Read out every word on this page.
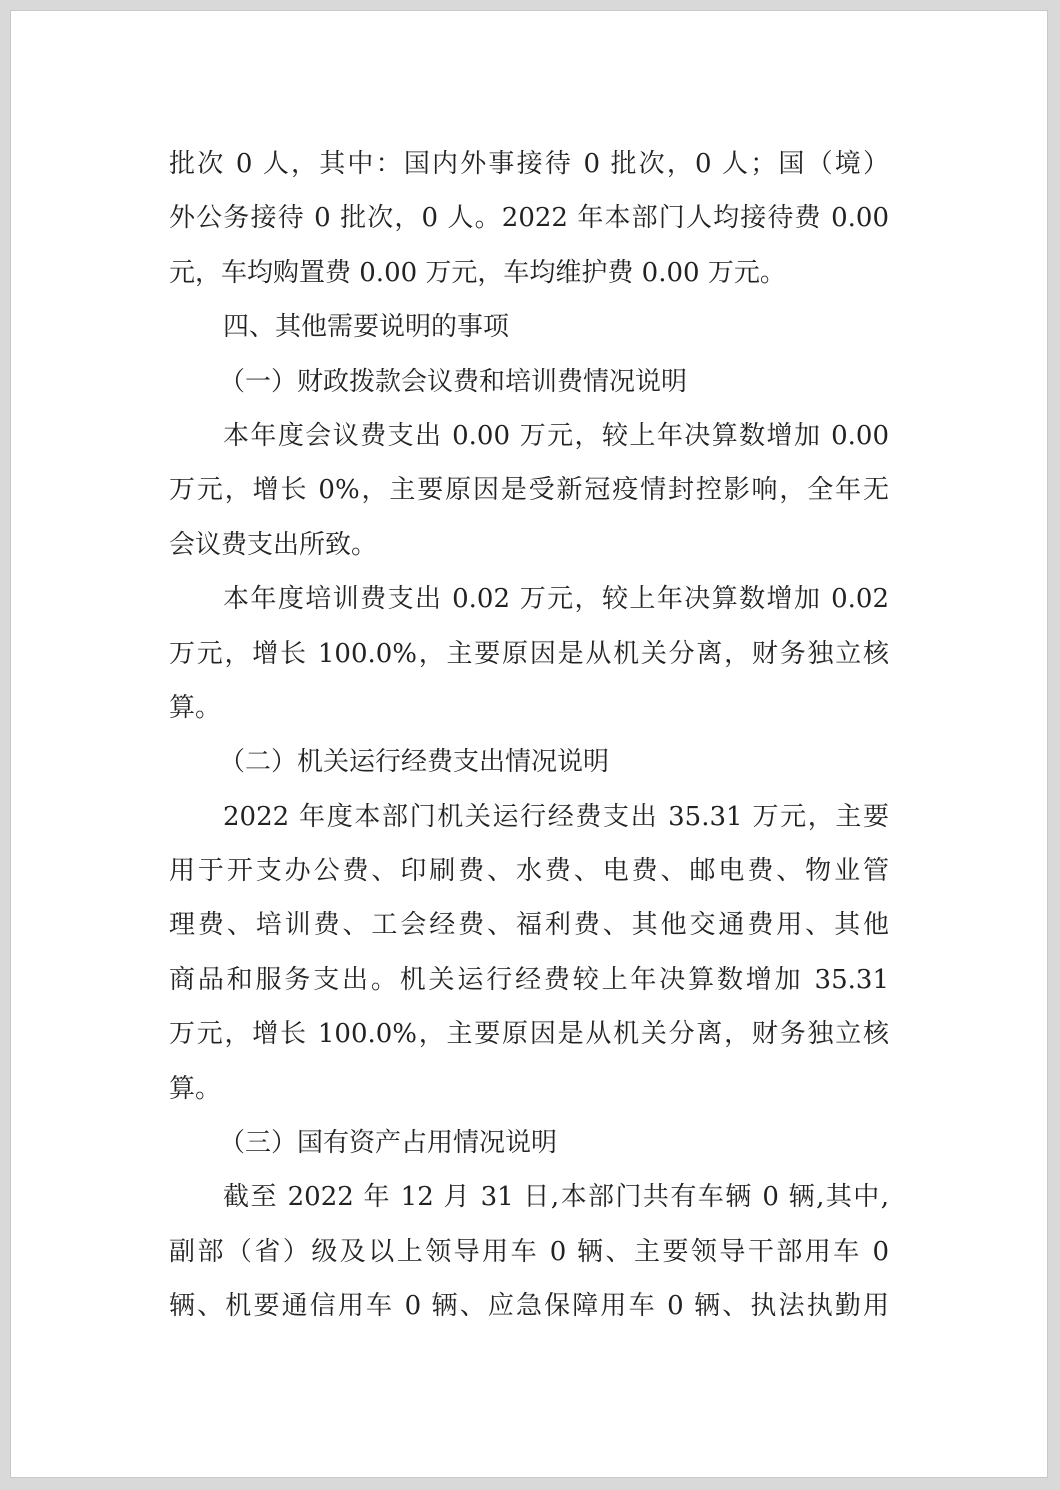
批次 0 人，其中：国内外事接待 0 批次，0 人；国（境）
外公务接待 0 批次，0 人。2022 年本部门人均接待费 0.00
元，车均购置费 0.00 万元，车均维护费 0.00 万元。
四、其他需要说明的事项
（一）财政拨款会议费和培训费情况说明
本年度会议费支出 0.00 万元，较上年决算数增加 0.00
万元，增长 0%，主要原因是受新冠疫情封控影响，全年无
会议费支出所致。
本年度培训费支出 0.02 万元，较上年决算数增加 0.02
万元，增长 100.0%，主要原因是从机关分离，财务独立核
算。
（二）机关运行经费支出情况说明
2022 年度本部门机关运行经费支出 35.31 万元，主要
用于开支办公费、印刷费、水费、电费、邮电费、物业管
理费、培训费、工会经费、福利费、其他交通费用、其他
商品和服务支出。机关运行经费较上年决算数增加 35.31
万元，增长 100.0%，主要原因是从机关分离，财务独立核
算。
（三）国有资产占用情况说明
截至 2022 年 12 月 31 日,本部门共有车辆 0 辆,其中,
副部（省）级及以上领导用车 0 辆、主要领导干部用车 0
辆、机要通信用车 0 辆、应急保障用车 0 辆、执法执勤用
